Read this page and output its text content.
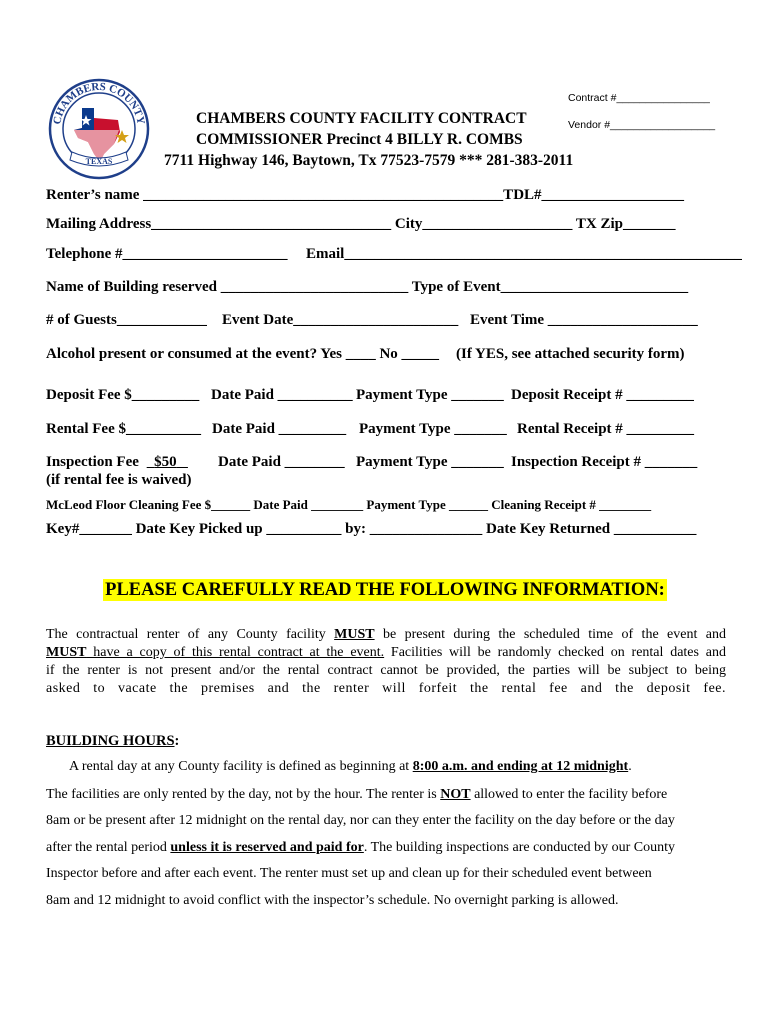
CHAMBERS COUNTY
TEXAS
CHAMBERS COUNTY FACILITY CONTRACT
COMMISSIONER Precinct 4 BILLY R. COMBS
7711 Highway 146, Baytown, Tx 77523-7579 *** 281-383-2011
Contract #________________
Vendor #__________________
Renter’s name ________________________________________________TDL#___________________
Mailing Address________________________________ City____________________ TX Zip_______
Telephone #______________________ Email_____________________________________________________
Name of Building reserved _________________________ Type of Event_________________________
# of Guests____________ Event Date______________________ Event Time ____________________
Alcohol present or consumed at the event? Yes ____ No _____ (If YES, see attached security form)
Deposit Fee $_________ Date Paid __________ Payment Type _______ Deposit Receipt # _________
Rental Fee $__________ Date Paid _________ Payment Type _______ Rental Receipt # _________
Inspection Fee $50	Date Paid ________ Payment Type _______ Inspection Receipt # _______
(if rental fee is waived)
McLeod Floor Cleaning Fee $______ Date Paid ________ Payment Type ______ Cleaning Receipt # ________
Key#_______ Date Key Picked up __________ by: _______________ Date Key Returned ___________
PLEASE CAREFULLY READ THE FOLLOWING INFORMATION:
The contractual renter of any County facility MUST be present during the scheduled time of the event and
MUST have a copy of this rental contract at the event. Facilities will be randomly checked on rental dates and
if the renter is not present and/or the rental contract cannot be provided, the parties will be subject to being
asked to vacate the premises and the renter will forfeit the rental fee and the deposit fee.
BUILDING HOURS:
A rental day at any County facility is defined as beginning at 8:00 a.m. and ending at 12 midnight.
The facilities are only rented by the day, not by the hour. The renter is NOT allowed to enter the facility before
8am or be present after 12 midnight on the rental day, nor can they enter the facility on the day before or the day
after the rental period unless it is reserved and paid for. The building inspections are conducted by our County
Inspector before and after each event. The renter must set up and clean up for their scheduled event between
8am and 12 midnight to avoid conflict with the inspector’s schedule. No overnight parking is allowed.
